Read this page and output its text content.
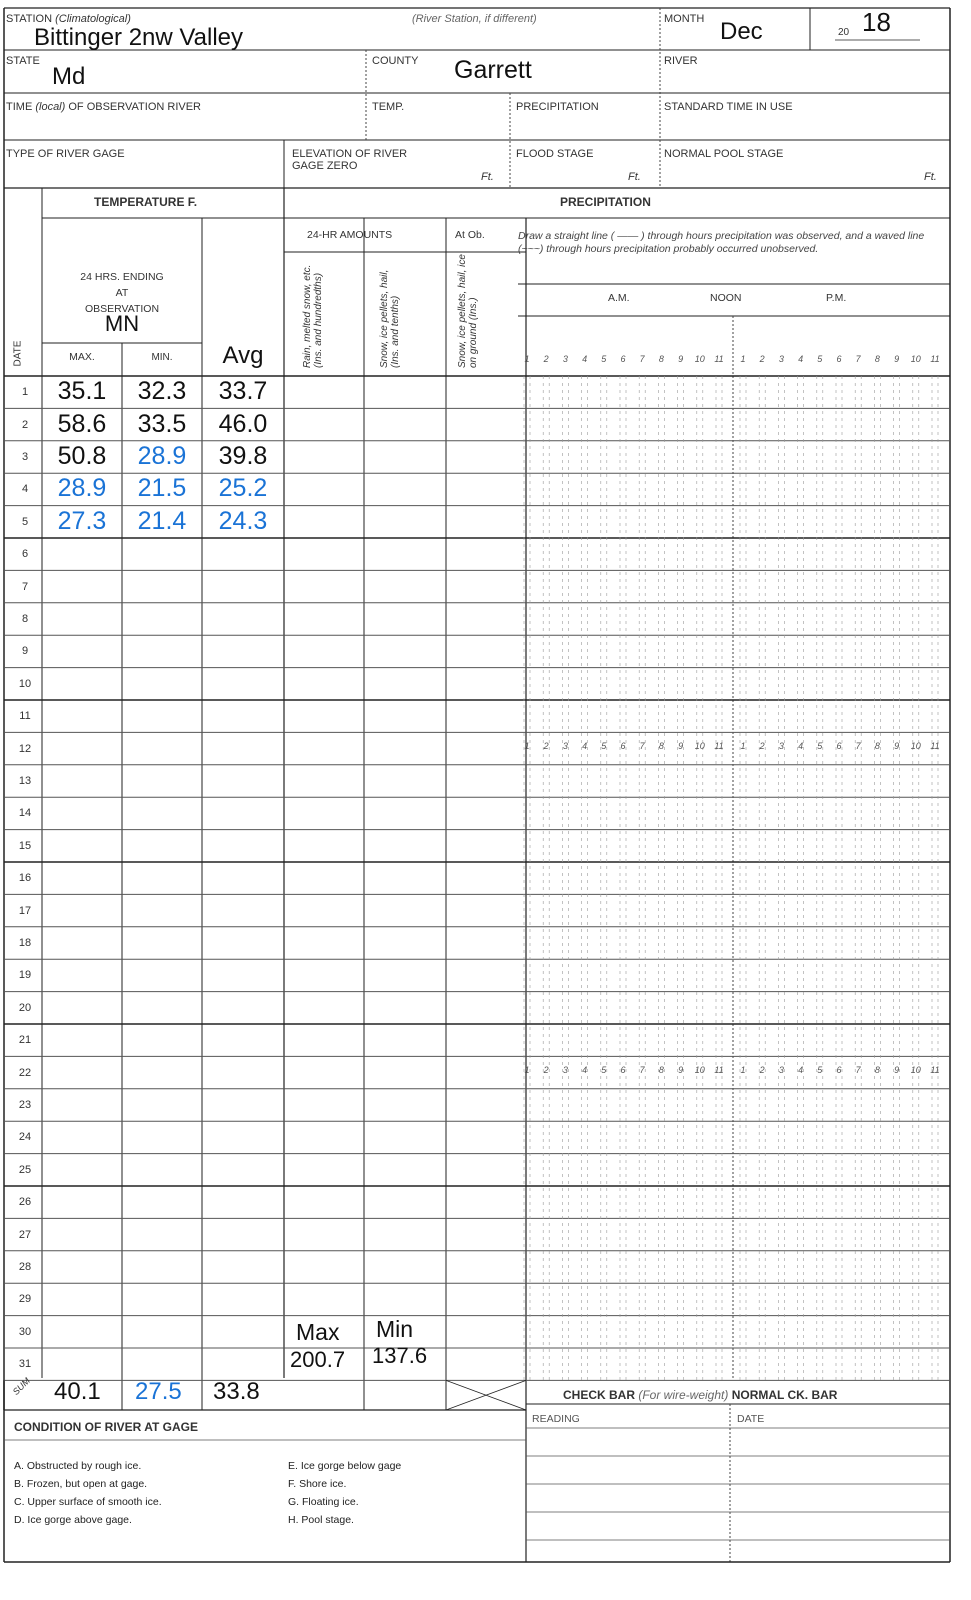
STATION (Climatological)	(River Station, if different)
Bittinger 2nw Valley
MONTH Dec	20 18
STATE
Md
COUNTY Garrett	RIVER
TIME (local) OF OBSERVATION RIVER	TEMP.	PRECIPITATION	STANDARD TIME IN USE
TYPE OF RIVER GAGE	ELEVATION OF RIVER
GAGE ZERO
Ft.
FLOOD STAGE
Ft.
NORMAL POOL STAGE
Ft.
TEMPERATURE F.
24 HRS. ENDING
AT
OBSERVATION
MN
MAX.	MIN.	Avg
DATE
PRECIPITATION
24-HR AMOUNTS	At Ob.
Rain, melted snow, etc. (Ins. and hundredths)	Snow, ice pellets, hail, (Ins. and tenths)	Snow, ice pellets, hail, ice on ground (Ins.)
Draw a straight line ( —— ) through hours precipitation was observed, and a waved line (~~~) through hours precipitation probably occurred unobserved.
A.M.	NOON	P.M.
1 2 3 4 5 6 7 8 9 10 11 1 2 3 4 5 6 7 8 9 10 11
1 2 3 4 5 6 7 8 9 10 11 1 2 3 4 5 6 7 8 9 10 11
1 2 3 4 5 6 7 8 9 10 11 1 2 3 4 5 6 7 8 9 10 11
1	35.1	32.3	33.7
2	58.6	33.5	46.0
3	50.8	28.9	39.8
4	28.9	21.5	25.2
5	27.3	21.4	24.3
6
7
8
9
10
11
12
13
14
15
16
17
18
19
20
21
22
23
24
25
26
27
28
29
30
31
Max Min
200.7 137.6
SUM 40.1 27.5 33.8	CHECK BAR (For wire-weight) NORMAL CK. BAR
READING	DATE
CONDITION OF RIVER AT GAGE
A. Obstructed by rough ice.
B. Frozen, but open at gage.
C. Upper surface of smooth ice.
D. Ice gorge above gage.
E. Ice gorge below gage
F. Shore ice.
G. Floating ice.
H. Pool stage.
